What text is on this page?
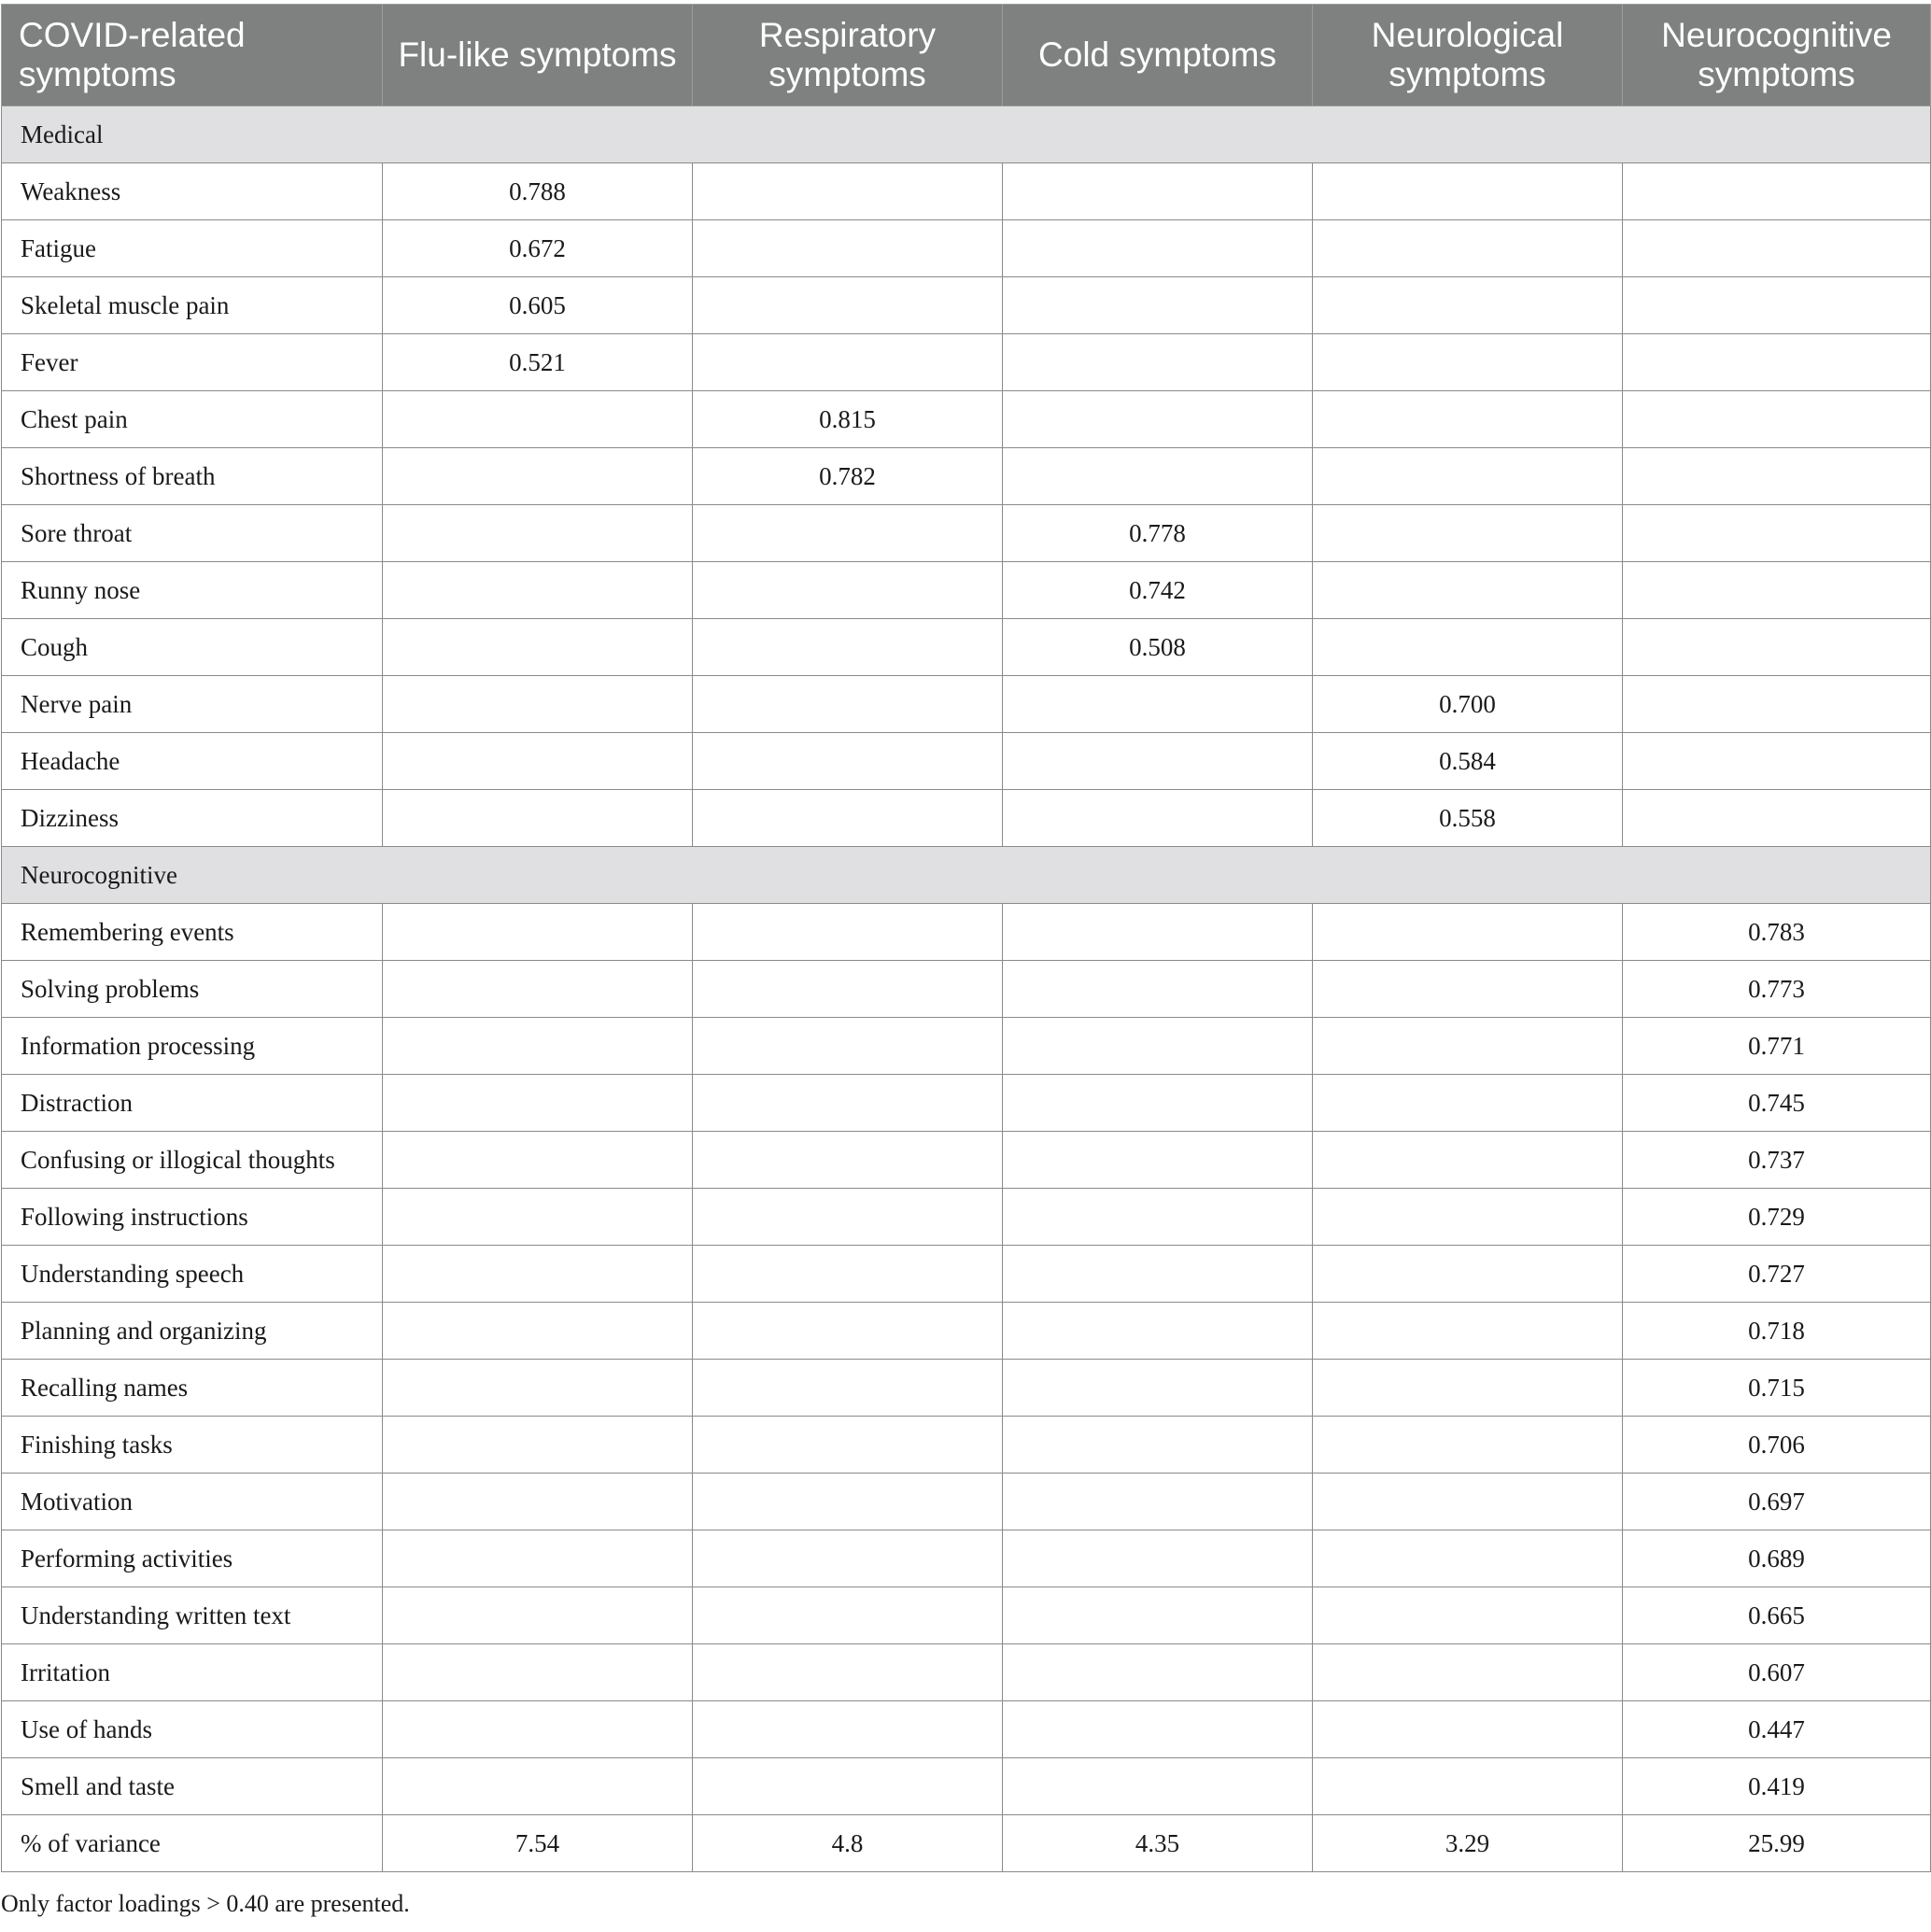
COVID-related symptoms	Flu-like symptoms	Respiratory symptoms	Cold symptoms	Neurological symptoms	Neurocognitive symptoms
Medical					
Weakness	0.788				
Fatigue	0.672				
Skeletal muscle pain	0.605				
Fever	0.521				
Chest pain		0.815			
Shortness of breath		0.782			
Sore throat			0.778		
Runny nose			0.742		
Cough			0.508		
Nerve pain				0.700	
Headache				0.584	
Dizziness				0.558	
Neurocognitive					
Remembering events					0.783
Solving problems					0.773
Information processing					0.771
Distraction					0.745
Confusing or illogical thoughts					0.737
Following instructions					0.729
Understanding speech					0.727
Planning and organizing					0.718
Recalling names					0.715
Finishing tasks					0.706
Motivation					0.697
Performing activities					0.689
Understanding written text					0.665
Irritation					0.607
Use of hands					0.447
Smell and taste					0.419
% of variance	7.54	4.8	4.35	3.29	25.99
Only factor loadings > 0.40 are presented.
